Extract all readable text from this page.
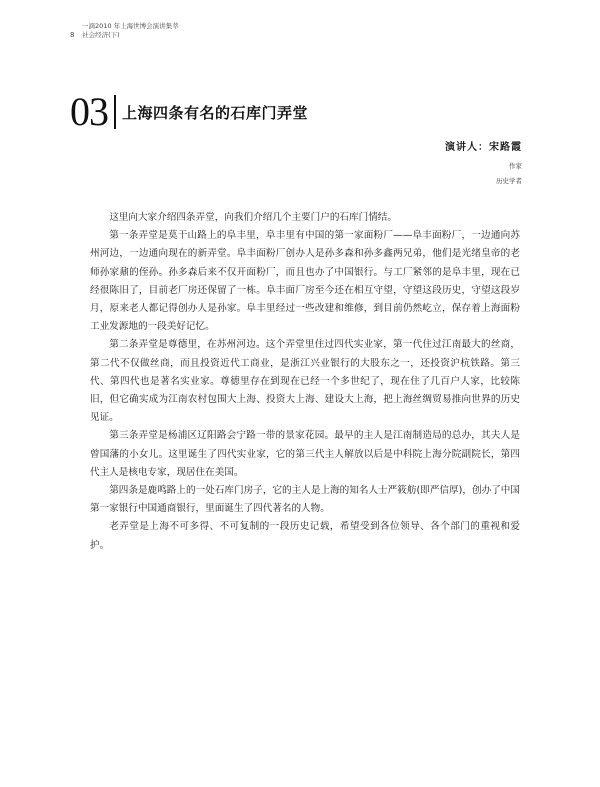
一滴2010 年上海世博会演讲集萃
8 社会经济(下)
03 上海四条有名的石库门弄堂
演讲人：宋路霞
作家
历史学者

这里向大家介绍四条弄堂，向我们介绍几个主要门户的石库门情结。

第一条弄堂是莫干山路上的阜丰里，阜丰里有中国的第一家面粉厂——阜丰面粉厂，一边通向苏州河边，一边通向现在的新弄堂。阜丰面粉厂创办人是孙多森和孙多鑫两兄弟，他们是光绪皇帝的老师孙家鼐的侄孙。孙多森后来不仅开面粉厂，而且也办了中国银行。与工厂紧邻的是阜丰里，现在已经很陈旧了，目前老厂房还保留了一栋。阜丰面厂房至今还在相互守望，守望这段历史，守望这段岁月，原来老人都记得创办人是孙家。阜丰里经过一些改建和维修，到目前仍然屹立，保存着上海面粉工业发源地的一段美好记忆。

第二条弄堂是尊德里，在苏州河边。这个弄堂里住过四代实业家，第一代住过江南最大的丝商，第二代不仅做丝商，而且投资近代工商业，是浙江兴业银行的大股东之一，还投资沪杭铁路。第三代、第四代也是著名实业家。尊德里存在到现在已经一个多世纪了，现在住了几百户人家，比较陈旧，但它确实成为江南农村包围大上海、投资大上海、建设大上海，把上海丝绸贸易推向世界的历史见证。

第三条弄堂是杨浦区辽阳路会宁路一带的景家花园。最早的主人是江南制造局的总办，其夫人是曾国藩的小女儿。这里诞生了四代实业家，它的第三代主人解放以后是中科院上海分院副院长，第四代主人是核电专家，现居住在美国。

第四条是鹿鸣路上的一处石库门房子，它的主人是上海的知名人士严筱舫(即严信厚)，创办了中国第一家银行中国通商银行，里面诞生了四代著名的人物。

老弄堂是上海不可多得、不可复制的一段历史记载，希望受到各位领导、各个部门的重视和爱护。
